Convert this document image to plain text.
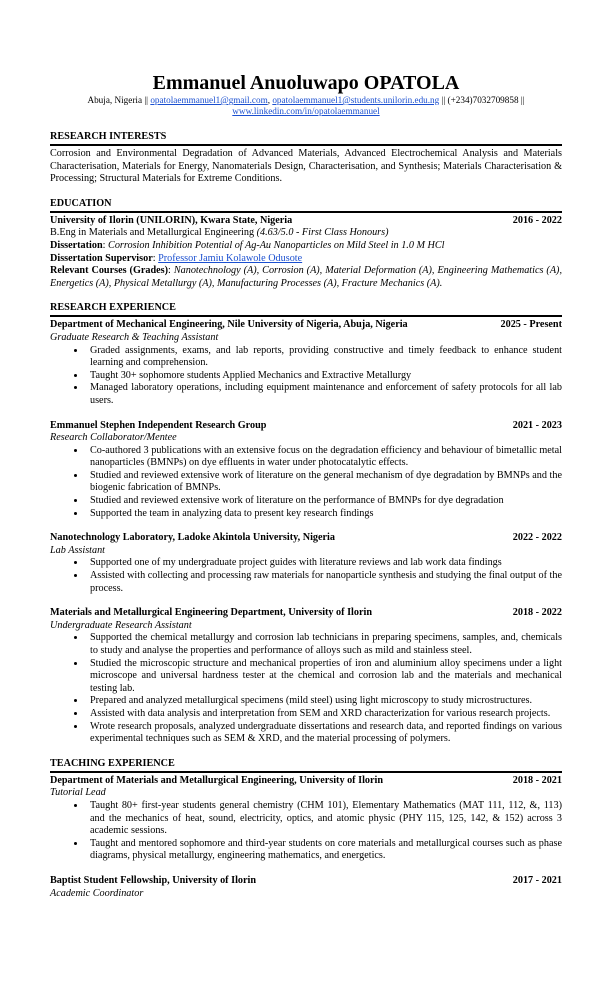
Emmanuel Anuoluwapo OPATOLA
Abuja, Nigeria || opatolaemmanuel1@gmail.com, opatolaemmanuel1@students.unilorin.edu.ng || (+234)7032709858 ||
www.linkedin.com/in/opatolaemmanuel
RESEARCH INTERESTS
Corrosion and Environmental Degradation of Advanced Materials, Advanced Electrochemical Analysis and Materials Characterisation, Materials for Energy, Nanomaterials Design, Characterisation, and Synthesis; Materials Characterisation & Processing; Structural Materials for Extreme Conditions.
EDUCATION
University of Ilorin (UNILORIN), Kwara State, Nigeria	2016 - 2022
B.Eng in Materials and Metallurgical Engineering (4.63/5.0 - First Class Honours)
Dissertation: Corrosion Inhibition Potential of Ag-Au Nanoparticles on Mild Steel in 1.0 M HCl
Dissertation Supervisor: Professor Jamiu Kolawole Odusote
Relevant Courses (Grades): Nanotechnology (A), Corrosion (A), Material Deformation (A), Engineering Mathematics (A), Energetics (A), Physical Metallurgy (A), Manufacturing Processes (A), Fracture Mechanics (A).
RESEARCH EXPERIENCE
Department of Mechanical Engineering, Nile University of Nigeria, Abuja, Nigeria	2025 - Present
Graduate Research & Teaching Assistant
• Graded assignments, exams, and lab reports, providing constructive and timely feedback to enhance student learning and comprehension.
• Taught 30+ sophomore students Applied Mechanics and Extractive Metallurgy
• Managed laboratory operations, including equipment maintenance and enforcement of safety protocols for all lab users.
Emmanuel Stephen Independent Research Group	2021 - 2023
Research Collaborator/Mentee
• Co-authored 3 publications with an extensive focus on the degradation efficiency and behaviour of bimetallic metal nanoparticles (BMNPs) on dye effluents in water under photocatalytic effects.
• Studied and reviewed extensive work of literature on the general mechanism of dye degradation by BMNPs and the biogenic fabrication of BMNPs.
• Studied and reviewed extensive work of literature on the performance of BMNPs for dye degradation
• Supported the team in analyzing data to present key research findings
Nanotechnology Laboratory, Ladoke Akintola University, Nigeria	2022 - 2022
Lab Assistant
• Supported one of my undergraduate project guides with literature reviews and lab work data findings
• Assisted with collecting and processing raw materials for nanoparticle synthesis and studying the final output of the process.
Materials and Metallurgical Engineering Department, University of Ilorin	2018 - 2022
Undergraduate Research Assistant
• Supported the chemical metallurgy and corrosion lab technicians in preparing specimens, samples, and, chemicals to study and analyse the properties and performance of alloys such as mild and stainless steel.
• Studied the microscopic structure and mechanical properties of iron and aluminium alloy specimens under a light microscope and universal hardness tester at the chemical and corrosion lab and the materials and mechanical testing lab.
• Prepared and analyzed metallurgical specimens (mild steel) using light microscopy to study microstructures.
• Assisted with data analysis and interpretation from SEM and XRD characterization for various research projects.
• Wrote research proposals, analyzed undergraduate dissertations and research data, and reported findings on various experimental techniques such as SEM & XRD, and the material processing of polymers.
TEACHING EXPERIENCE
Department of Materials and Metallurgical Engineering, University of Ilorin	2018 - 2021
Tutorial Lead
• Taught 80+ first-year students general chemistry (CHM 101), Elementary Mathematics (MAT 111, 112, &, 113) and the mechanics of heat, sound, electricity, optics, and atomic physic (PHY 115, 125, 142, & 152) across 3 academic sessions.
• Taught and mentored sophomore and third-year students on core materials and metallurgical courses such as phase diagrams, physical metallurgy, engineering mathematics, and energetics.
Baptist Student Fellowship, University of Ilorin	2017 - 2021
Academic Coordinator
